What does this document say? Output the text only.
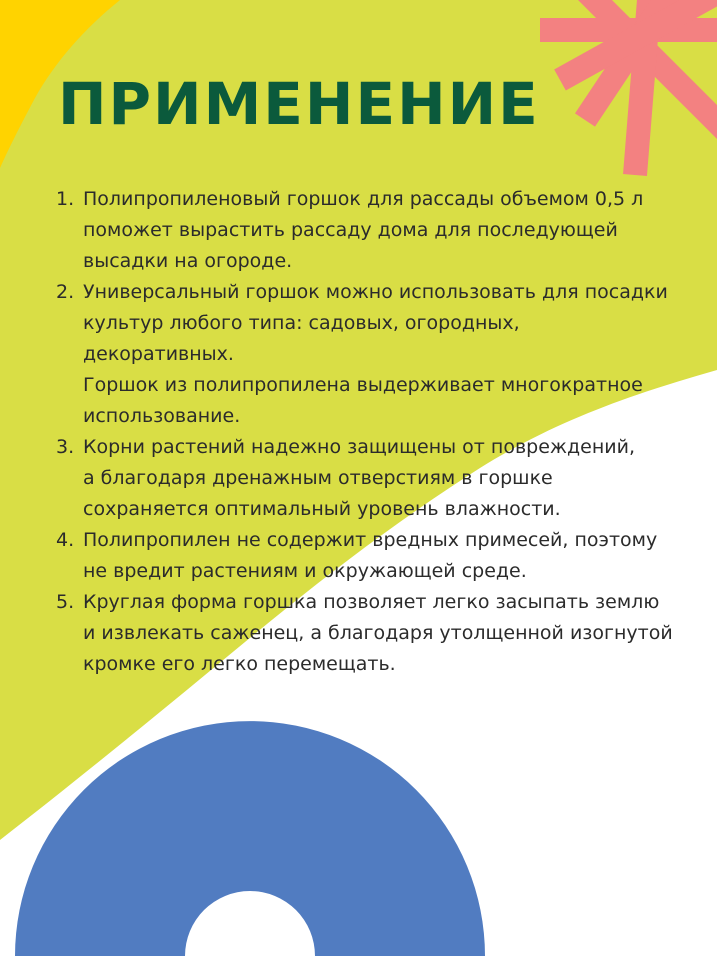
ПРИМЕНЕНИЕ
1. Полипропиленовый горшок для рассады объемом 0,5 л
поможет вырастить рассаду дома для последующей
высадки на огороде.
2. Универсальный горшок можно использовать для посадки
культур любого типа: садовых, огородных, декоративных.
Горшок из полипропилена выдерживает многократное
использование.
3. Корни растений надежно защищены от повреждений,
а благодаря дренажным отверстиям в горшке
сохраняется оптимальный уровень влажности.
4. Полипропилен не содержит вредных примесей, поэтому
не вредит растениям и окружающей среде.
5. Круглая форма горшка позволяет легко засыпать землю
и извлекать саженец, а благодаря утолщенной изогнутой
кромке его легко перемещать.
